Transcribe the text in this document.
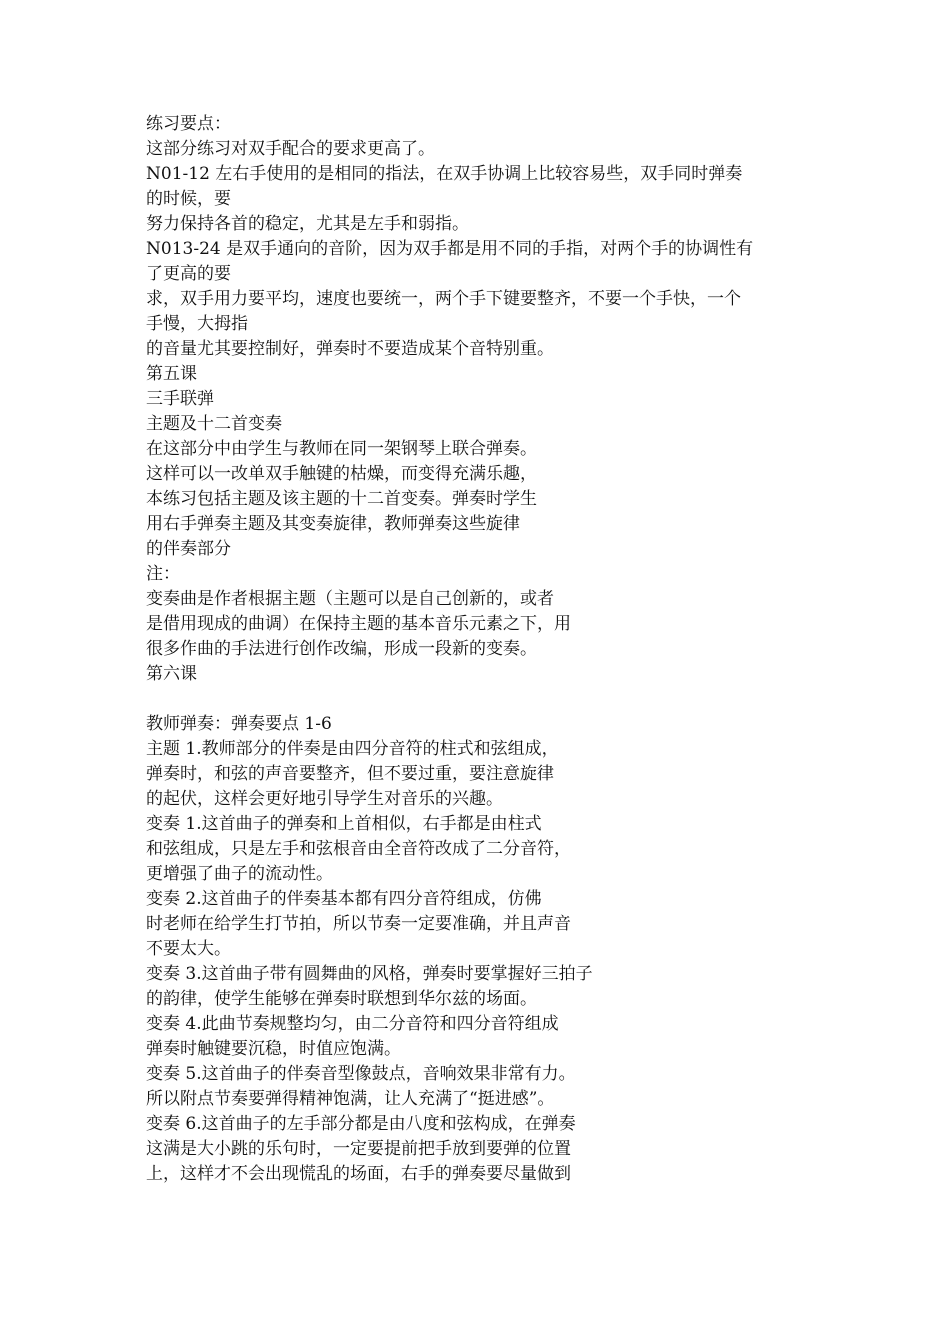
练习要点：
这部分练习对双手配合的要求更高了。
N01-12 左右手使用的是相同的指法，在双手协调上比较容易些，双手同时弹奏
的时候，要
努力保持各首的稳定，尤其是左手和弱指。
N013-24 是双手通向的音阶，因为双手都是用不同的手指，对两个手的协调性有
了更高的要
求，双手用力要平均，速度也要统一，两个手下键要整齐，不要一个手快，一个
手慢，大拇指
的音量尤其要控制好，弹奏时不要造成某个音特别重。
第五课
三手联弹
主题及十二首变奏
在这部分中由学生与教师在同一架钢琴上联合弹奏。
这样可以一改单双手触键的枯燥，而变得充满乐趣，
本练习包括主题及该主题的十二首变奏。弹奏时学生
用右手弹奏主题及其变奏旋律，教师弹奏这些旋律
的伴奏部分
注：
变奏曲是作者根据主题（主题可以是自己创新的，或者
是借用现成的曲调）在保持主题的基本音乐元素之下，用
很多作曲的手法进行创作改编，形成一段新的变奏。
第六课
教师弹奏：弹奏要点 1-6
主题 1.教师部分的伴奏是由四分音符的柱式和弦组成，
弹奏时，和弦的声音要整齐，但不要过重，要注意旋律
的起伏，这样会更好地引导学生对音乐的兴趣。
变奏 1.这首曲子的弹奏和上首相似，右手都是由柱式
和弦组成，只是左手和弦根音由全音符改成了二分音符，
更增强了曲子的流动性。
变奏 2.这首曲子的伴奏基本都有四分音符组成，仿佛
时老师在给学生打节拍，所以节奏一定要准确，并且声音
不要太大。
变奏 3.这首曲子带有圆舞曲的风格，弹奏时要掌握好三拍子
的韵律，使学生能够在弹奏时联想到华尔兹的场面。
变奏 4.此曲节奏规整均匀，由二分音符和四分音符组成
弹奏时触键要沉稳，时值应饱满。
变奏 5.这首曲子的伴奏音型像鼓点，音响效果非常有力。
所以附点节奏要弹得精神饱满，让人充满了“挺进感”。
变奏 6.这首曲子的左手部分都是由八度和弦构成，在弹奏
这满是大小跳的乐句时，一定要提前把手放到要弹的位置
上，这样才不会出现慌乱的场面，右手的弹奏要尽量做到
